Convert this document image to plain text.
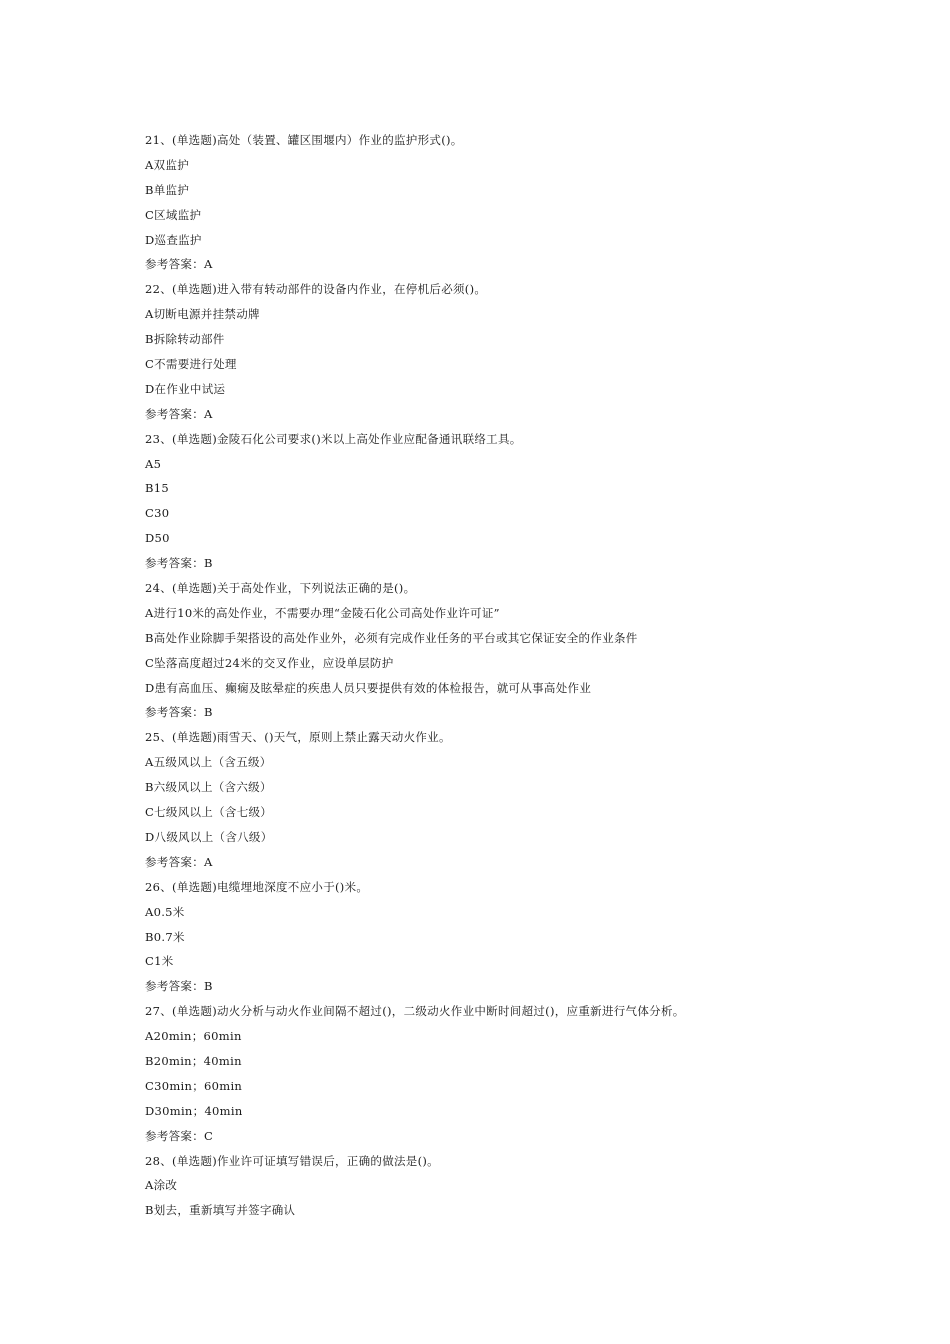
21、(单选题)高处（装置、罐区围堰内）作业的监护形式()。
A双监护
B单监护
C区域监护
D巡查监护
参考答案：A
22、(单选题)进入带有转动部件的设备内作业，在停机后必须()。
A切断电源并挂禁动牌
B拆除转动部件
C不需要进行处理
D在作业中试运
参考答案：A
23、(单选题)金陵石化公司要求()米以上高处作业应配备通讯联络工具。
A5
B15
C30
D50
参考答案：B
24、(单选题)关于高处作业，下列说法正确的是()。
A进行10米的高处作业，不需要办理“金陵石化公司高处作业许可证”
B高处作业除脚手架搭设的高处作业外，必须有完成作业任务的平台或其它保证安全的作业条件
C坠落高度超过24米的交叉作业，应设单层防护
D患有高血压、癫痫及眩晕症的疾患人员只要提供有效的体检报告，就可从事高处作业
参考答案：B
25、(单选题)雨雪天、()天气，原则上禁止露天动火作业。
A五级风以上（含五级）
B六级风以上（含六级）
C七级风以上（含七级）
D八级风以上（含八级）
参考答案：A
26、(单选题)电缆埋地深度不应小于()米。
A0.5米
B0.7米
C1米
参考答案：B
27、(单选题)动火分析与动火作业间隔不超过()，二级动火作业中断时间超过()，应重新进行气体分析。
A20min；60min
B20min；40min
C30min；60min
D30min；40min
参考答案：C
28、(单选题)作业许可证填写错误后，正确的做法是()。
A涂改
B划去，重新填写并签字确认
